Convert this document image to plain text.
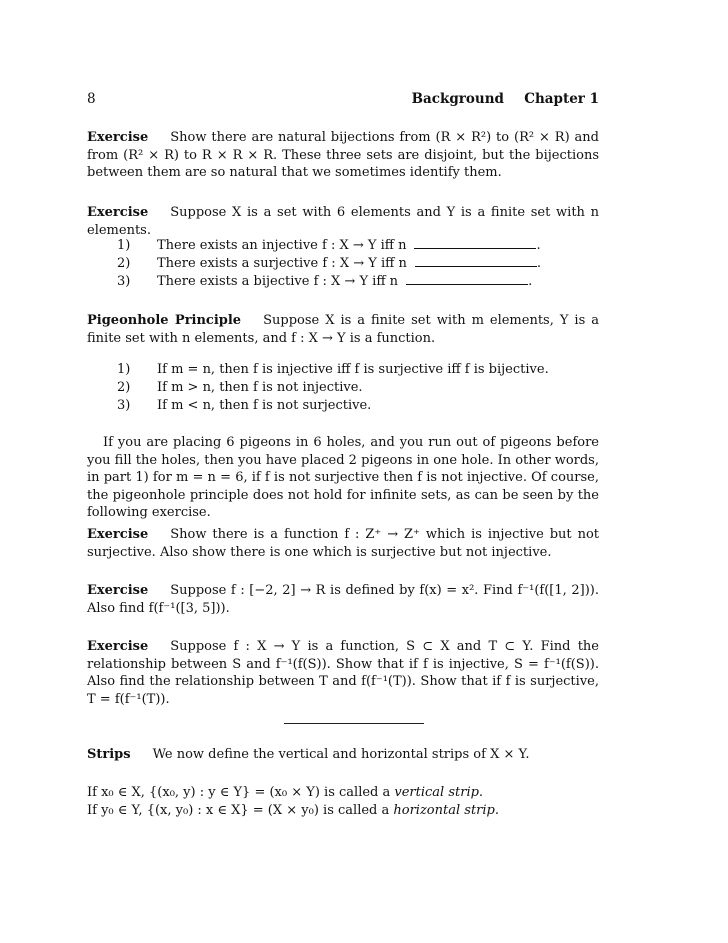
8	Background Chapter 1
Exercise Show there are natural bijections from (R × R²) to (R² × R) and from (R² × R) to R × R × R. These three sets are disjoint, but the bijections between them are so natural that we sometimes identify them.
Exercise Suppose X is a set with 6 elements and Y is a finite set with n elements.
1) There exists an injective f : X → Y iff n	.
2) There exists a surjective f : X → Y iff n	.
3) There exists a bijective f : X → Y iff n	.
Pigeonhole Principle Suppose X is a finite set with m elements, Y is a finite set with n elements, and f : X → Y is a function.
1) If m = n, then f is injective iff f is surjective iff f is bijective.
2) If m > n, then f is not injective.
3) If m < n, then f is not surjective.
If you are placing 6 pigeons in 6 holes, and you run out of pigeons before you fill the holes, then you have placed 2 pigeons in one hole. In other words, in part 1) for m = n = 6, if f is not surjective then f is not injective. Of course, the pigeonhole principle does not hold for infinite sets, as can be seen by the following exercise.
Exercise Show there is a function f : Z⁺ → Z⁺ which is injective but not surjective. Also show there is one which is surjective but not injective.
Exercise Suppose f : [−2, 2] → R is defined by f(x) = x². Find f⁻¹(f([1, 2])). Also find f(f⁻¹([3, 5])).
Exercise Suppose f : X → Y is a function, S ⊂ X and T ⊂ Y. Find the relationship between S and f⁻¹(f(S)). Show that if f is injective, S = f⁻¹(f(S)). Also find the relationship between T and f(f⁻¹(T)). Show that if f is surjective, T = f(f⁻¹(T)).
Strips We now define the vertical and horizontal strips of X × Y.
If x₀ ∈ X, {(x₀, y) : y ∈ Y} = (x₀ × Y) is called a vertical strip.
If y₀ ∈ Y, {(x, y₀) : x ∈ X} = (X × y₀) is called a horizontal strip.
